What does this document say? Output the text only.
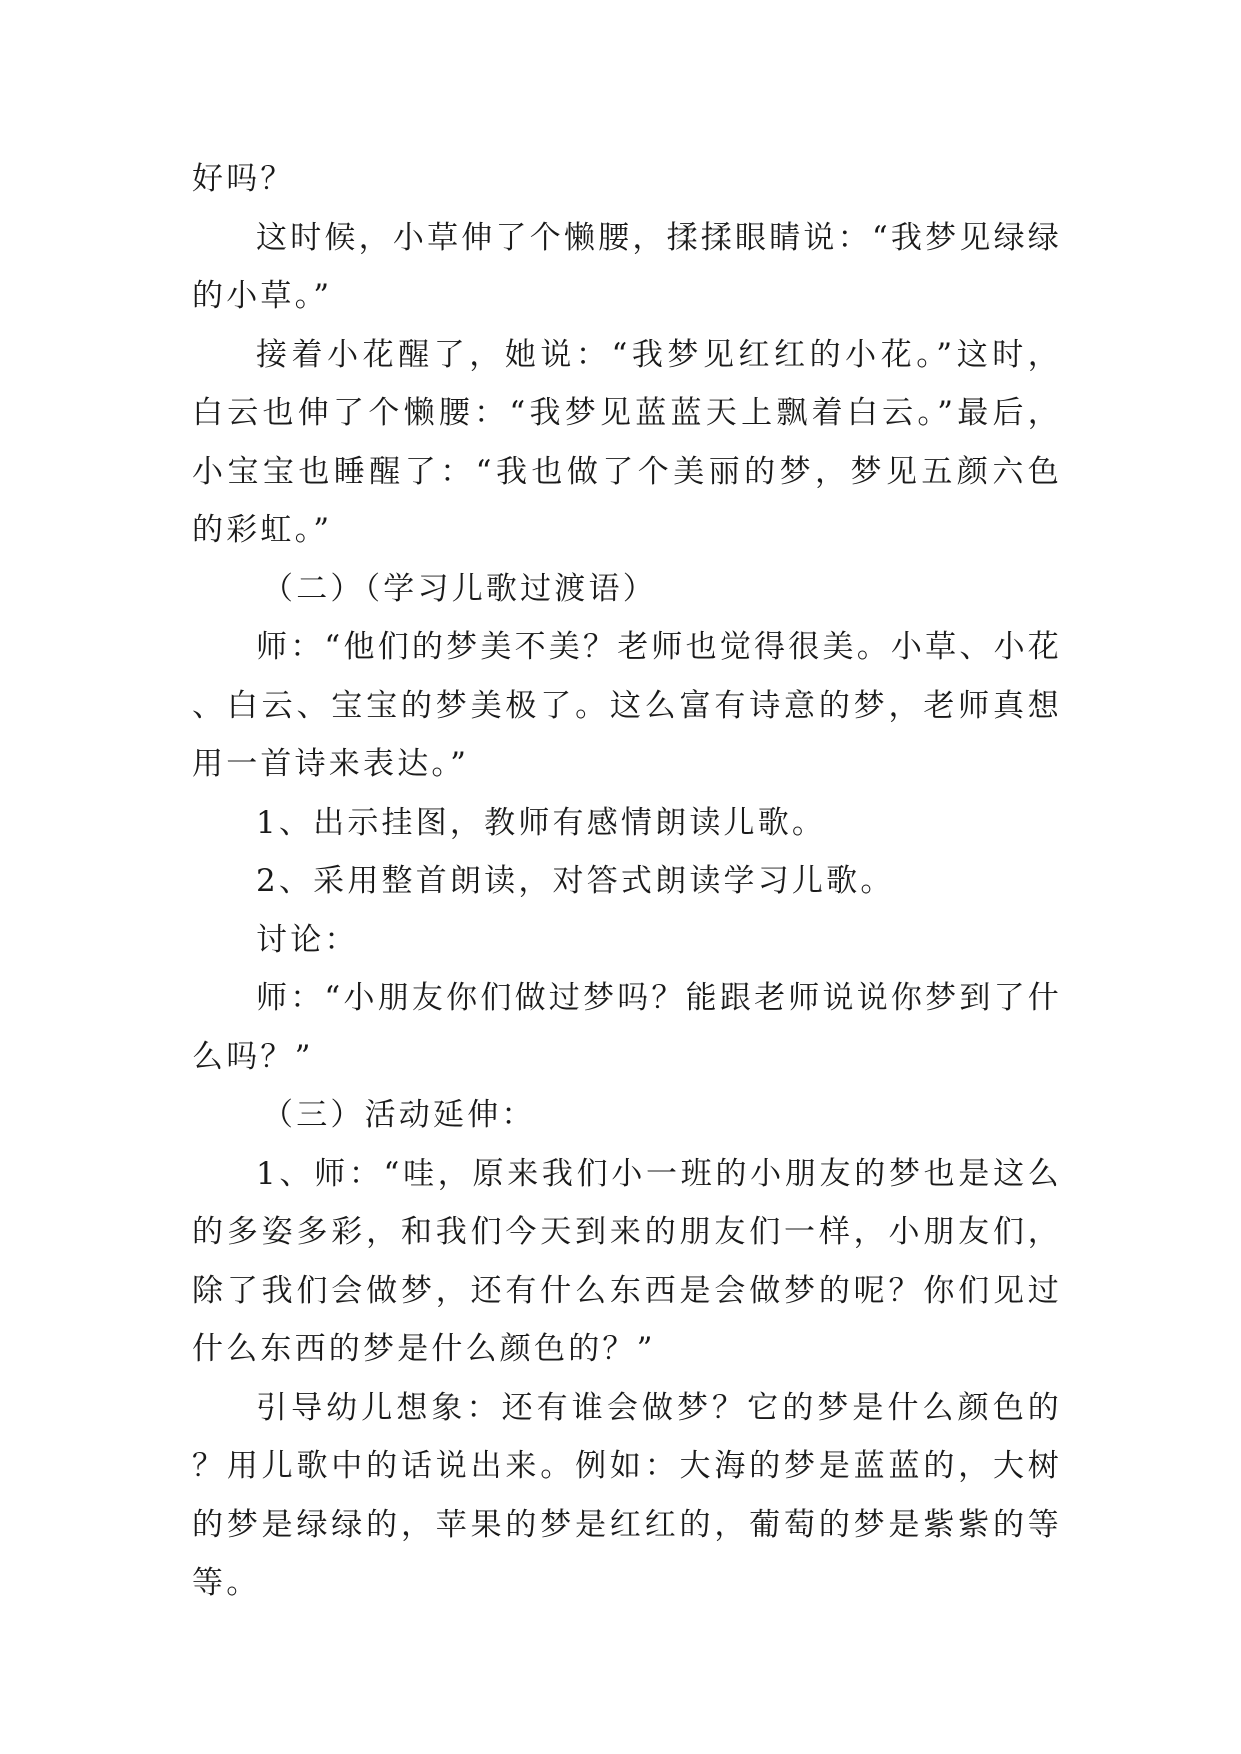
好吗？

这时候，小草伸了个懒腰，揉揉眼睛说：“我梦见绿绿的小草。”

接着小花醒了，她说：“我梦见红红的小花。”这时，白云也伸了个懒腰：“我梦见蓝蓝天上飘着白云。”最后，小宝宝也睡醒了：“我也做了个美丽的梦，梦见五颜六色的彩虹。”

（二）（学习儿歌过渡语）

师：“他们的梦美不美？老师也觉得很美。小草、小花、白云、宝宝的梦美极了。这么富有诗意的梦，老师真想用一首诗来表达。”

1、出示挂图，教师有感情朗读儿歌。

2、采用整首朗读，对答式朗读学习儿歌。

讨论：

师：“小朋友你们做过梦吗？能跟老师说说你梦到了什么吗？”

（三）活动延伸：

1、师：“哇，原来我们小一班的小朋友的梦也是这么的多姿多彩，和我们今天到来的朋友们一样，小朋友们，除了我们会做梦，还有什么东西是会做梦的呢？你们见过什么东西的梦是什么颜色的？”

引导幼儿想象：还有谁会做梦？它的梦是什么颜色的？用儿歌中的话说出来。例如：大海的梦是蓝蓝的，大树的梦是绿绿的，苹果的梦是红红的，葡萄的梦是紫紫的等等。
